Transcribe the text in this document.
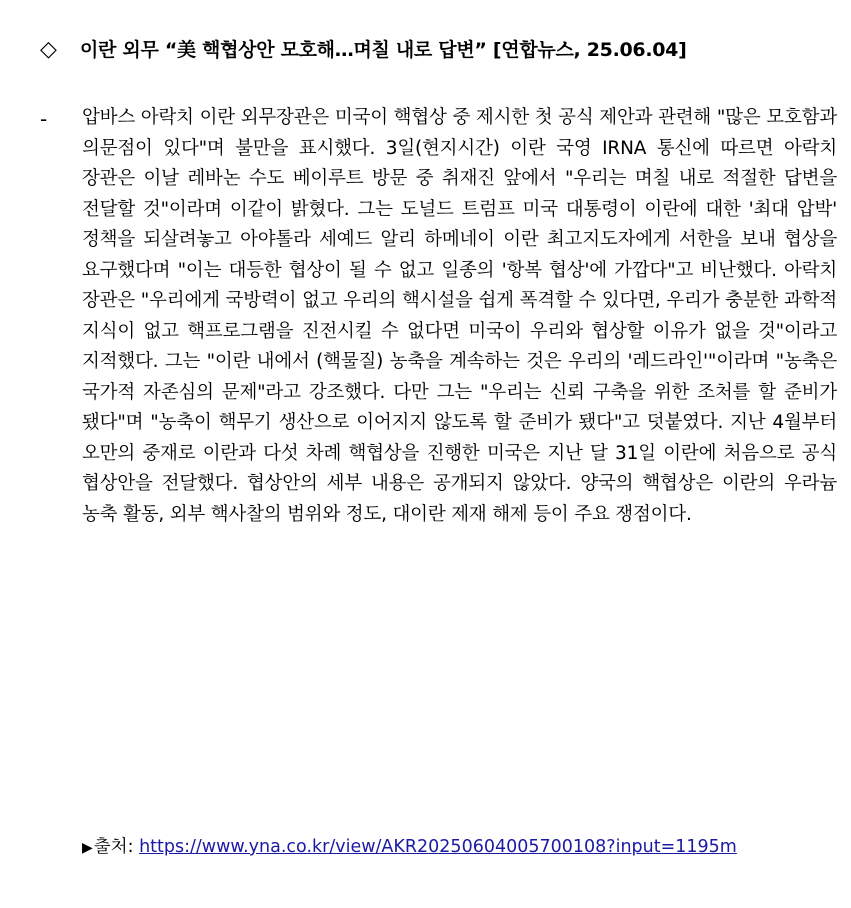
◇	이란 외무 “美 핵협상안 모호해…며칠 내로 답변” [연합뉴스, 25.06.04]
- 압바스 아락치 이란 외무장관은 미국이 핵협상 중 제시한 첫 공식 제안과 관련해 "많은 모호함과 의문점이 있다"며 불만을 표시했다. 3일(현지시간) 이란 국영 IRNA 통신에 따르면 아락치 장관은 이날 레바논 수도 베이루트 방문 중 취재진 앞에서 "우리는 며칠 내로 적절한 답변을 전달할 것"이라며 이같이 밝혔다. 그는 도널드 트럼프 미국 대통령이 이란에 대한 '최대 압박' 정책을 되살려놓고 아야톨라 세예드 알리 하메네이 이란 최고지도자에게 서한을 보내 협상을 요구했다며 "이는 대등한 협상이 될 수 없고 일종의 '항복 협상'에 가깝다"고 비난했다. 아락치 장관은 "우리에게 국방력이 없고 우리의 핵시설을 쉽게 폭격할 수 있다면, 우리가 충분한 과학적 지식이 없고 핵프로그램을 진전시킬 수 없다면 미국이 우리와 협상할 이유가 없을 것"이라고 지적했다. 그는 "이란 내에서 (핵물질) 농축을 계속하는 것은 우리의 '레드라인'"이라며 "농축은 국가적 자존심의 문제"라고 강조했다. 다만 그는 "우리는 신뢰 구축을 위한 조처를 할 준비가 됐다"며 "농축이 핵무기 생산으로 이어지지 않도록 할 준비가 됐다"고 덧붙였다. 지난 4월부터 오만의 중재로 이란과 다섯 차례 핵협상을 진행한 미국은 지난 달 31일 이란에 처음으로 공식 협상안을 전달했다. 협상안의 세부 내용은 공개되지 않았다. 양국의 핵협상은 이란의 우라늄 농축 활동, 외부 핵사찰의 범위와 정도, 대이란 제재 해제 등이 주요 쟁점이다.

▶출처: https://www.yna.co.kr/view/AKR20250604005700108?input=1195m
